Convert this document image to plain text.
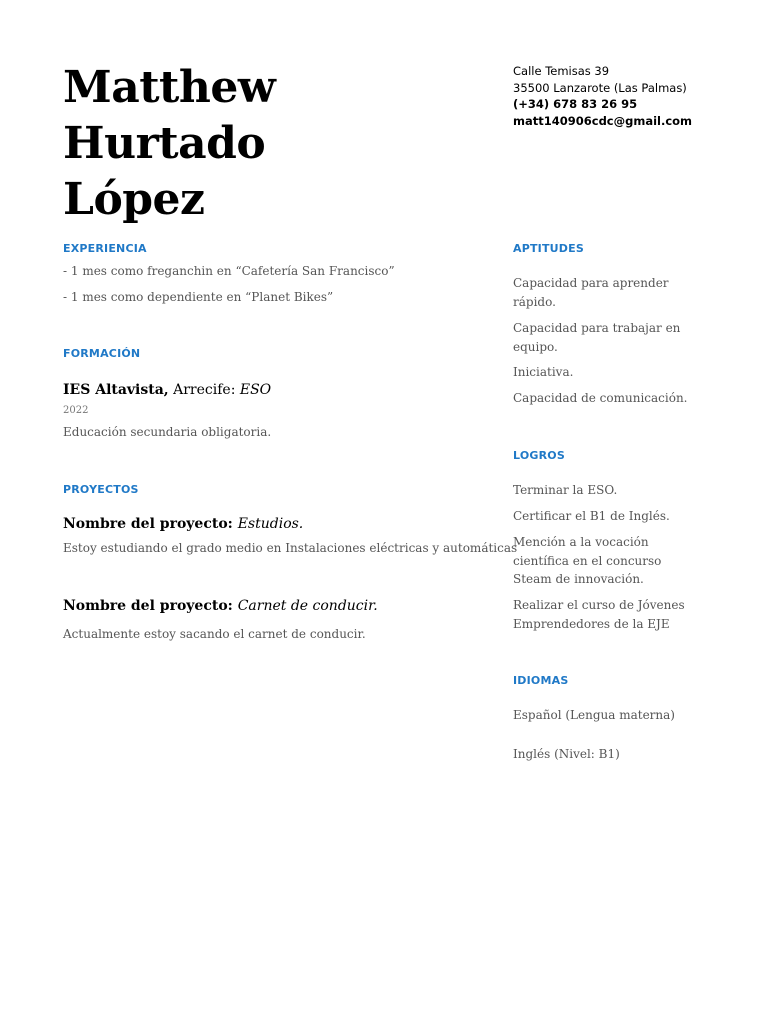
Matthew Hurtado
López
Calle Temisas 39
35500 Lanzarote (Las Palmas)
(+34) 678 83 26 95
matt140906cdc@gmail.com
EXPERIENCIA
- 1 mes como freganchin en “Cafetería San Francisco”
- 1 mes como dependiente en “Planet Bikes”
FORMACIÓN
IES Altavista, Arrecife: ESO
2022
Educación secundaria obligatoria.
PROYECTOS
Nombre del proyecto: Estudios.
Estoy estudiando el grado medio en Instalaciones eléctricas y automáticas
Nombre del proyecto: Carnet de conducir.
Actualmente estoy sacando el carnet de conducir.
APTITUDES
Capacidad para aprender rápido.
Capacidad para trabajar en equipo.
Iniciativa.
Capacidad de comunicación.
LOGROS
Terminar la ESO.
Certificar el B1 de Inglés.
Mención a la vocación científica en el concurso Steam de innovación.
Realizar el curso de Jóvenes Emprendedores de la EJE
IDIOMAS
Español (Lengua materna)
Inglés (Nivel: B1)
